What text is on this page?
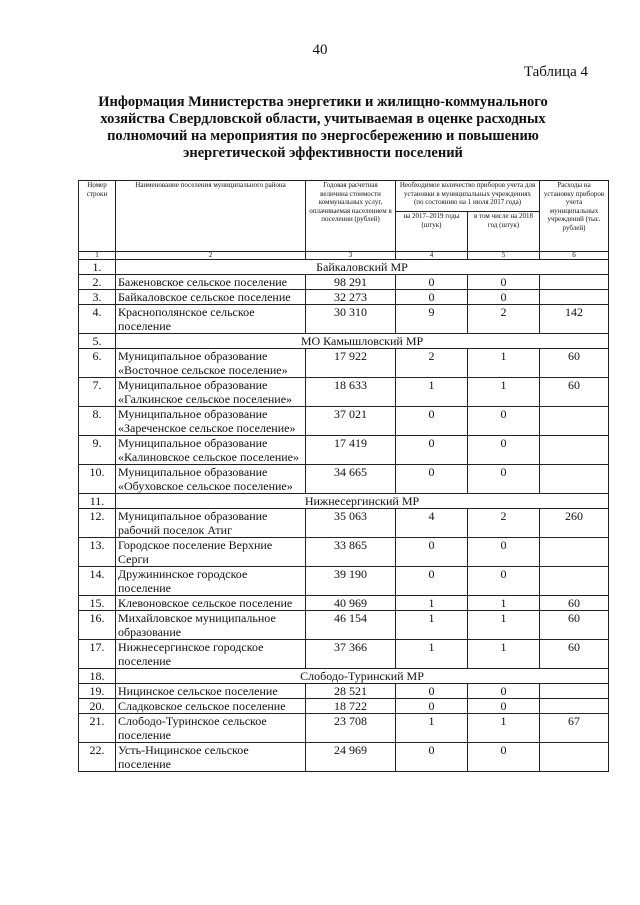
40
Таблица 4
Информация Министерства энергетики и жилищно-коммунального хозяйства Свердловской области, учитываемая в оценке расходных полномочий на мероприятия по энергосбережению и повышению энергетической эффективности поселений
Номер строки	Наименование поселения муниципального района	Годовая расчетная величина стоимости коммунальных услуг, оплачиваемая населением в поселении (рублей)	Необходимое количество приборов учета для установки в муниципальных учреждениях (по состоянию на 1 июля 2017 года)		Расходы на установку приборов учета муниципальных учреждений (тыс. рублей)
			на 2017–2019 годы (штук)	в том числе на 2018 год (штук)	
1	2	3	4	5	6
1.	Байкаловский МР				
2.	Баженовское сельское поселение	98 291	0	0	
3.	Байкаловское сельское поселение	32 273	0	0	
4.	Краснополянское сельское поселение	30 310	9	2	142
5.	МО Камышловский МР				
6.	Муниципальное образование «Восточное сельское поселение»	17 922	2	1	60
7.	Муниципальное образование «Галкинское сельское поселение»	18 633	1	1	60
8.	Муниципальное образование «Зареченское сельское поселение»	37 021	0	0	
9.	Муниципальное образование «Калиновское сельское поселение»	17 419	0	0	
10.	Муниципальное образование «Обуховское сельское поселение»	34 665	0	0	
11.	Нижнесергинский МР				
12.	Муниципальное образование рабочий поселок Атиг	35 063	4	2	260
13.	Городское поселение Верхние Серги	33 865	0	0	
14.	Дружининское городское поселение	39 190	0	0	
15.	Клевоновское сельское поселение	40 969	1	1	60
16.	Михайловское муниципальное образование	46 154	1	1	60
17.	Нижнесергинское городское поселение	37 366	1	1	60
18.	Слободо-Туринский МР				
19.	Ницинское сельское поселение	28 521	0	0	
20.	Сладковское сельское поселение	18 722	0	0	
21.	Слободо-Туринское сельское поселение	23 708	1	1	67
22.	Усть-Ницинское сельское поселение	24 969	0	0	
